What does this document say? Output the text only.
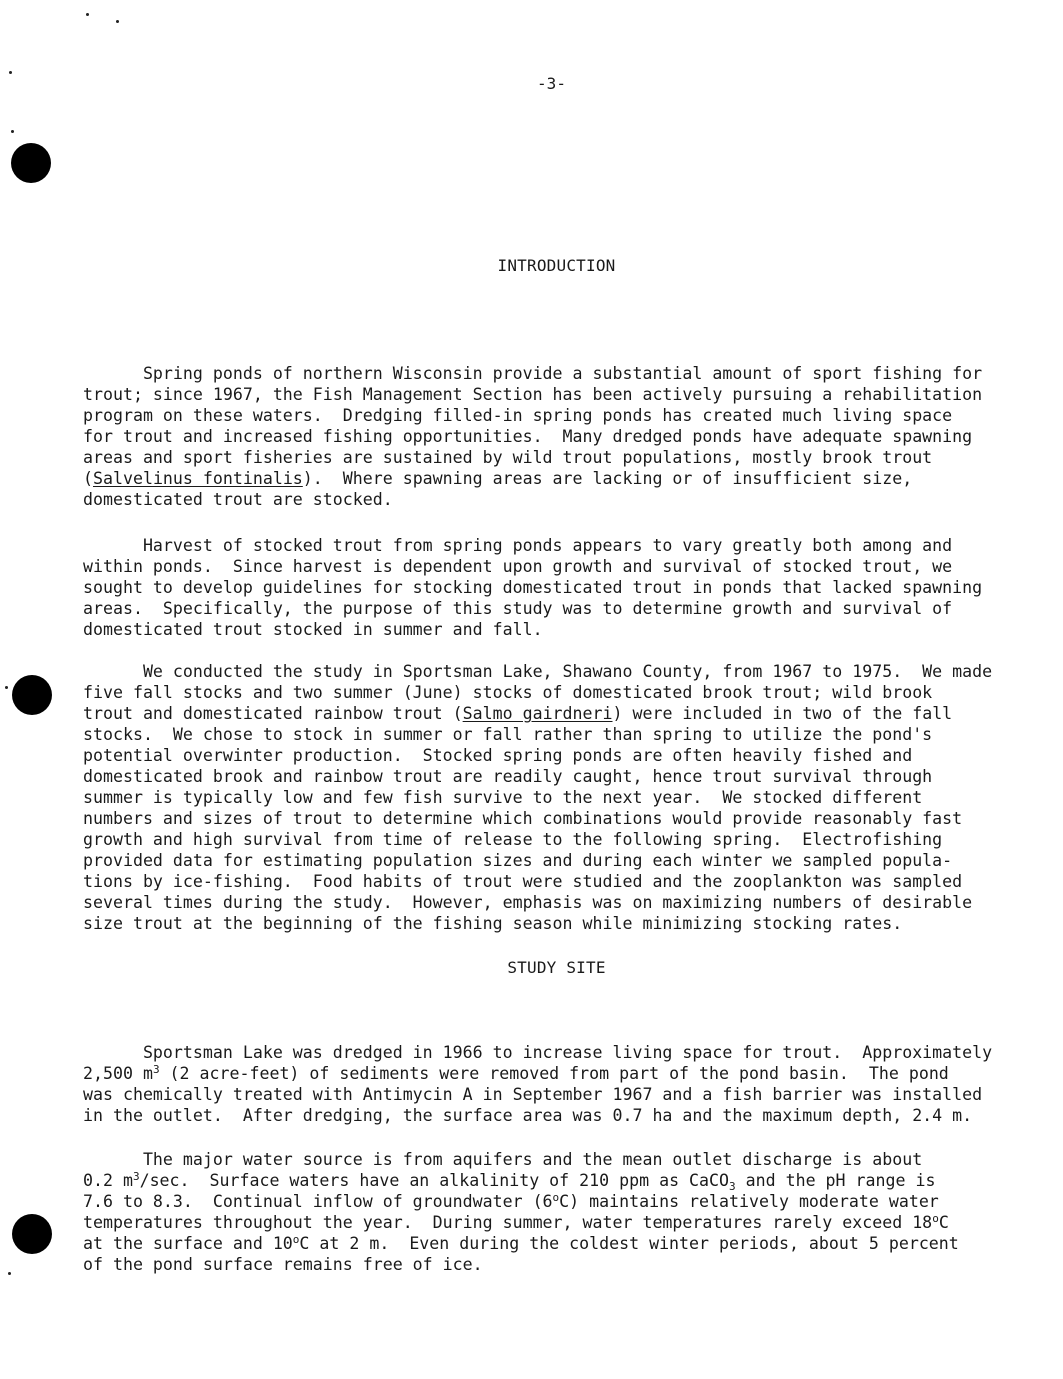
-3-
INTRODUCTION

Spring ponds of northern Wisconsin provide a substantial amount of sport fishing for
trout; since 1967, the Fish Management Section has been actively pursuing a rehabilitation
program on these waters.  Dredging filled-in spring ponds has created much living space
for trout and increased fishing opportunities.  Many dredged ponds have adequate spawning
areas and sport fisheries are sustained by wild trout populations, mostly brook trout
(Salvelinus fontinalis).  Where spawning areas are lacking or of insufficient size,
domesticated trout are stocked.

Harvest of stocked trout from spring ponds appears to vary greatly both among and
within ponds.  Since harvest is dependent upon growth and survival of stocked trout, we
sought to develop guidelines for stocking domesticated trout in ponds that lacked spawning
areas.  Specifically, the purpose of this study was to determine growth and survival of
domesticated trout stocked in summer and fall.

We conducted the study in Sportsman Lake, Shawano County, from 1967 to 1975.  We made
five fall stocks and two summer (June) stocks of domesticated brook trout; wild brook
trout and domesticated rainbow trout (Salmo gairdneri) were included in two of the fall
stocks.  We chose to stock in summer or fall rather than spring to utilize the pond's
potential overwinter production.  Stocked spring ponds are often heavily fished and
domesticated brook and rainbow trout are readily caught, hence trout survival through
summer is typically low and few fish survive to the next year.  We stocked different
numbers and sizes of trout to determine which combinations would provide reasonably fast
growth and high survival from time of release to the following spring.  Electrofishing
provided data for estimating population sizes and during each winter we sampled popula-
tions by ice-fishing.  Food habits of trout were studied and the zooplankton was sampled
several times during the study.  However, emphasis was on maximizing numbers of desirable
size trout at the beginning of the fishing season while minimizing stocking rates.

STUDY SITE

Sportsman Lake was dredged in 1966 to increase living space for trout.  Approximately
2,500 $m^3$ (2 acre-feet) of sediments were removed from part of the pond basin.  The pond
was chemically treated with Antimycin A in September 1967 and a fish barrier was installed
in the outlet.  After dredging, the surface area was 0.7 ha and the maximum depth, 2.4 m.

The major water source is from aquifers and the mean outlet discharge is about
0.2 $m^3/\sec$.  Surface waters have an alkalinity of 210 ppm as CaCO$_3$ and the pH range is
7.6 to 8.3.  Continual inflow of groundwater (6$^o$C) maintains relatively moderate water
temperatures throughout the year.  During summer, water temperatures rarely exceed 18$^o$C
at the surface and 10$^o$C at 2 m.  Even during the coldest winter periods, about 5 percent
of the pond surface remains free of ice.
